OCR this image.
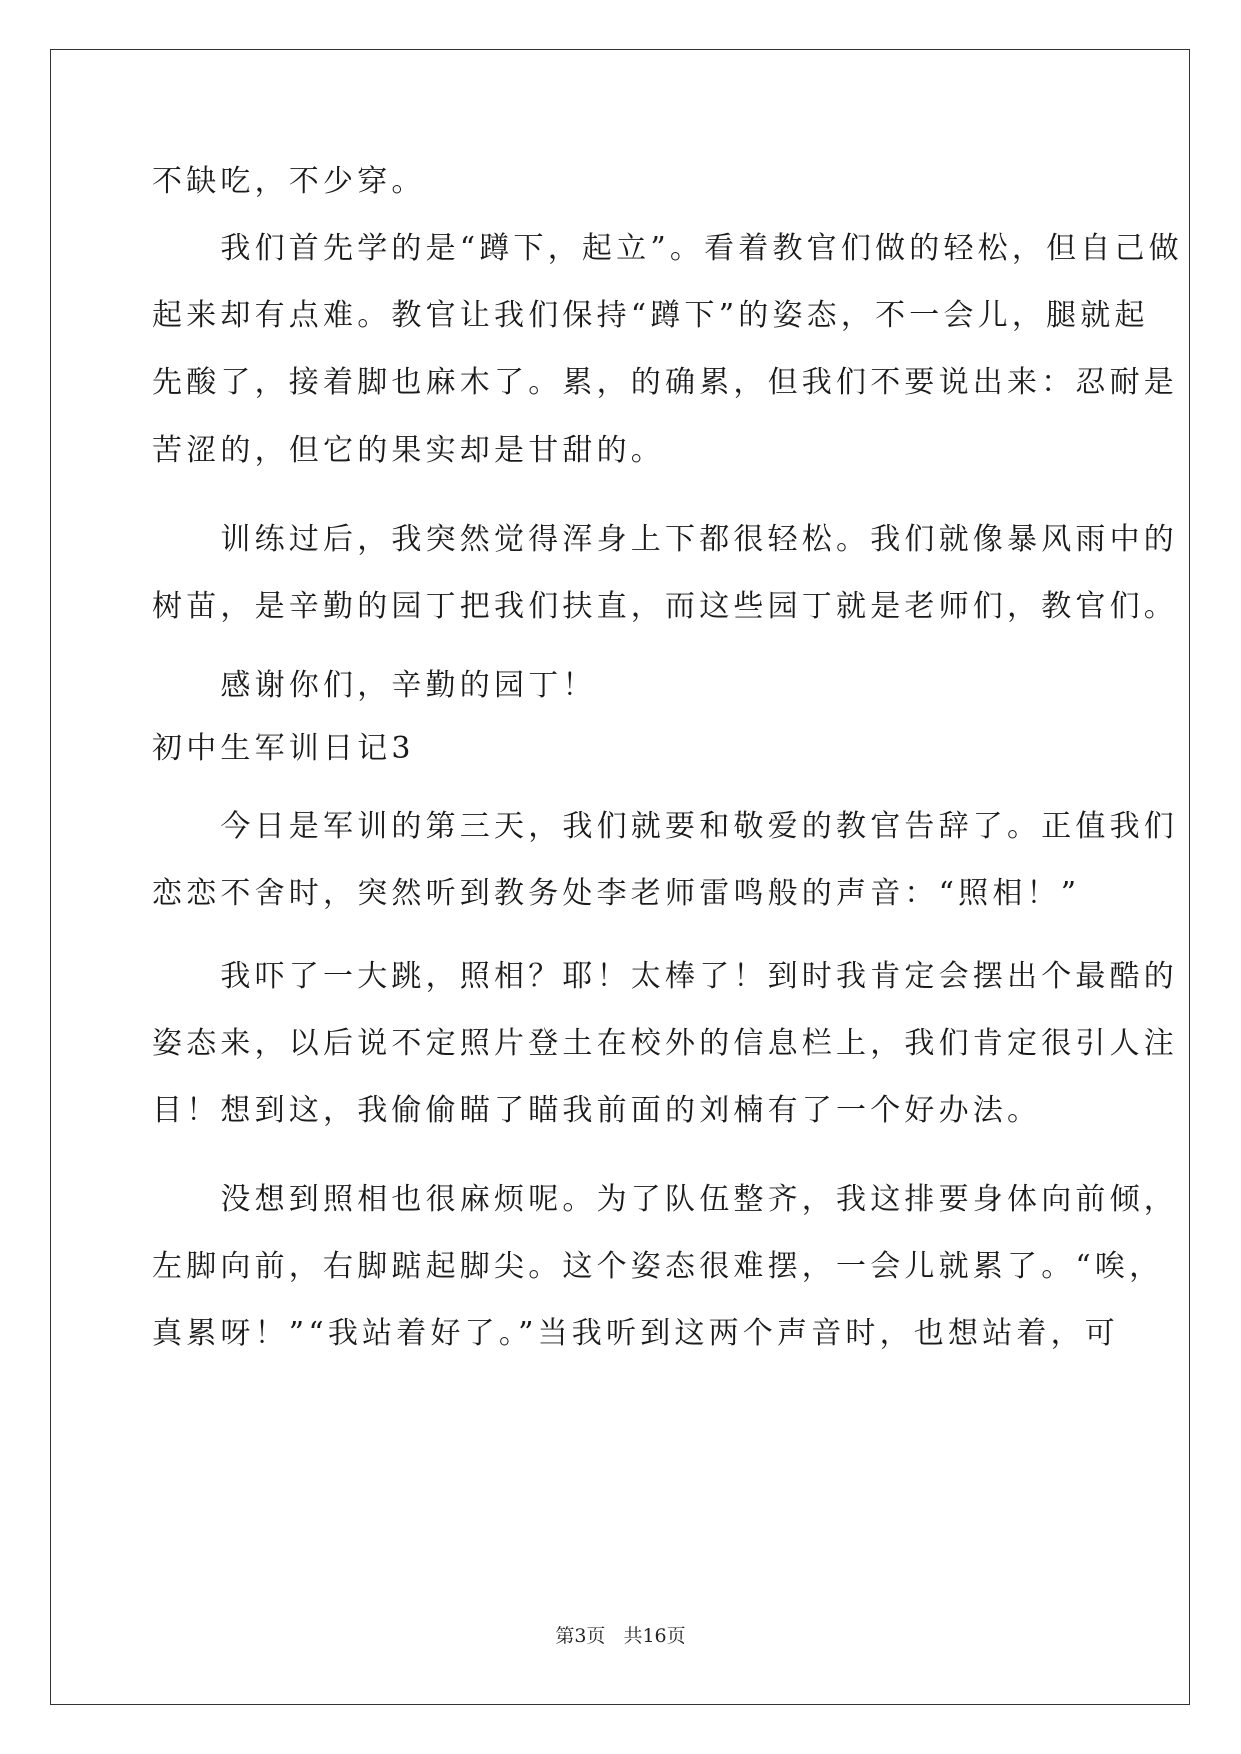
不缺吃，不少穿。
　　我们首先学的是“蹲下，起立”。看着教官们做的轻松，但自己做
起来却有点难。教官让我们保持“蹲下”的姿态，不一会儿，腿就起
先酸了，接着脚也麻木了。累，的确累，但我们不要说出来：忍耐是
苦涩的，但它的果实却是甘甜的。
　　训练过后，我突然觉得浑身上下都很轻松。我们就像暴风雨中的
树苗，是辛勤的园丁把我们扶直，而这些园丁就是老师们，教官们。
　　感谢你们，辛勤的园丁！
初中生军训日记3
　　今日是军训的第三天，我们就要和敬爱的教官告辞了。正值我们
恋恋不舍时，突然听到教务处李老师雷鸣般的声音：“照相！”
　　我吓了一大跳，照相？耶！太棒了！到时我肯定会摆出个最酷的
姿态来，以后说不定照片登土在校外的信息栏上，我们肯定很引人注
目！想到这，我偷偷瞄了瞄我前面的刘楠有了一个好办法。
　　没想到照相也很麻烦呢。为了队伍整齐，我这排要身体向前倾，
左脚向前，右脚踮起脚尖。这个姿态很难摆，一会儿就累了。“唉，
真累呀！”“我站着好了。”当我听到这两个声音时，也想站着，可
第3页 共16页
